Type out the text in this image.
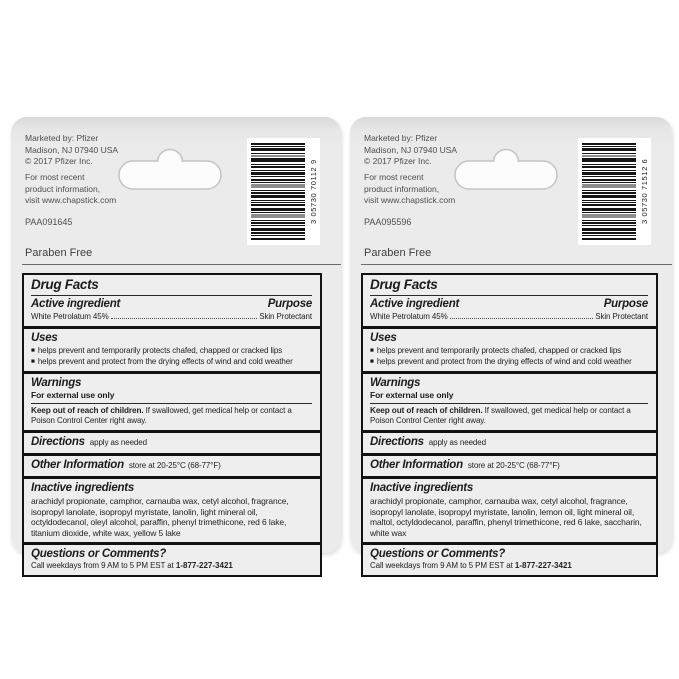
Marketed by: Pfizer
Madison, NJ 07940 USA
© 2017 Pfizer Inc.
For most recent
product information,
visit www.chapstick.com
PAA091645	3 05730 70112 9
Paraben Free
Drug Facts
Active ingredient	Purpose
White Petrolatum 45%	Skin Protectant
Uses
■ helps prevent and temporarily protects chafed, chapped or cracked lips
■ helps prevent and protect from the drying effects of wind and cold weather
Warnings
For external use only
Keep out of reach of children. If swallowed, get medical help or contact a Poison Control Center right away.
Directions apply as needed
Other Information store at 20-25°C (68-77°F)
Inactive ingredients
arachidyl propionate, camphor, carnauba wax, cetyl alcohol, fragrance, isopropyl lanolate, isopropyl myristate, lanolin, light mineral oil, octyldodecanol, oleyl alcohol, paraffin, phenyl trimethicone, red 6 lake, titanium dioxide, white wax, yellow 5 lake
Questions or Comments?
Call weekdays from 9 AM to 5 PM EST at 1-877-227-3421
Marketed by: Pfizer
Madison, NJ 07940 USA
© 2017 Pfizer Inc.
For most recent
product information,
visit www.chapstick.com
PAA095596	3 05730 71512 6
Paraben Free
Drug Facts
Active ingredient	Purpose
White Petrolatum 45%	Skin Protectant
Uses
■ helps prevent and temporarily protects chafed, chapped or cracked lips
■ helps prevent and protect from the drying effects of wind and cold weather
Warnings
For external use only
Keep out of reach of children. If swallowed, get medical help or contact a Poison Control Center right away.
Directions apply as needed
Other Information store at 20-25°C (68-77°F)
Inactive ingredients
arachidyl propionate, camphor, carnauba wax, cetyl alcohol, fragrance, isopropyl lanolate, isopropyl myristate, lanolin, lemon oil, light mineral oil, maltol, octyldodecanol, paraffin, phenyl trimethicone, red 6 lake, saccharin, white wax
Questions or Comments?
Call weekdays from 9 AM to 5 PM EST at 1-877-227-3421
